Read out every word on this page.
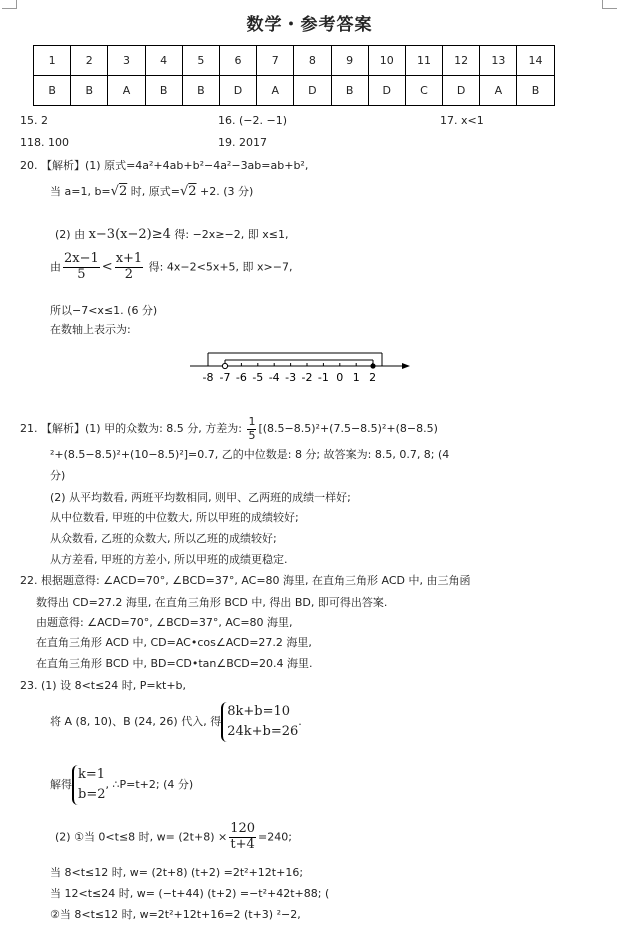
数学・参考答案
1	2	3	4	5	6	7	8	9	10	11	12	13	14
B	B	A	B	B	D	A	D	B	D	C	D	A	B
15. 2	16. (−2. −1)	17. x<1
118. 100	19. 2017
20. 【解析】(1) 原式=4a²+4ab+b²−4a²−3ab=ab+b²,
当 a=1, b=√2 时, 原式=√2 +2. (3 分)
(2) 由 x−3(x−2)≥4 得: −2x≥−2, 即 x≤1,
由 $\frac{2x-1}{5} < \frac{x+1}{2}$ 得: 4x−2<5x+5, 即 x>−7,
所以−7<x≤1. (6 分)
在数轴上表示为:
-8 -7 -6 -5 -4 -3 -2 -1 0 1 2
21. 【解析】(1) 甲的众数为: 8.5 分, 方差为: $\frac{1}{5} [(8.5-8.5)^2+(7.5-8.5)^2+(8-8.5)$
²+(8.5−8.5)²+(10−8.5)²]=0.7, 乙的中位数是: 8 分; 故答案为: 8.5, 0.7, 8; (4
分)
(2) 从平均数看, 两班平均数相同, 则甲、乙两班的成绩一样好;
从中位数看, 甲班的中位数大, 所以甲班的成绩较好;
从众数看, 乙班的众数大, 所以乙班的成绩较好;
从方差看, 甲班的方差小, 所以甲班的成绩更稳定.
22. 根据题意得: ∠ACD=70°, ∠BCD=37°, AC=80 海里, 在直角三角形 ACD 中, 由三角函
数得出 CD=27.2 海里, 在直角三角形 BCD 中, 得出 BD, 即可得出答案.
由题意得: ∠ACD=70°, ∠BCD=37°, AC=80 海里,
在直角三角形 ACD 中, CD=AC•cos∠ACD=27.2 海里,
在直角三角形 BCD 中, BD=CD•tan∠BCD=20.4 海里.
23. (1) 设 8<t≤24 时, P=kt+b,
将 A (8, 10)、B (24, 26) 代入, 得
8k+b=10
24k+b=26
.
解得
k=1
b=2
, ∴P=t+2; (4 分)
(2) ①当 0<t≤8 时, $w= (2t+8) \times \frac{120}{t+4} =240$;
当 8<t≤12 时, w= (2t+8) (t+2) =2t²+12t+16;
当 12<t≤24 时, w= (−t+44) (t+2) =−t²+42t+88; (
②当 8<t≤12 时, w=2t²+12t+16=2 (t+3) ²−2,
